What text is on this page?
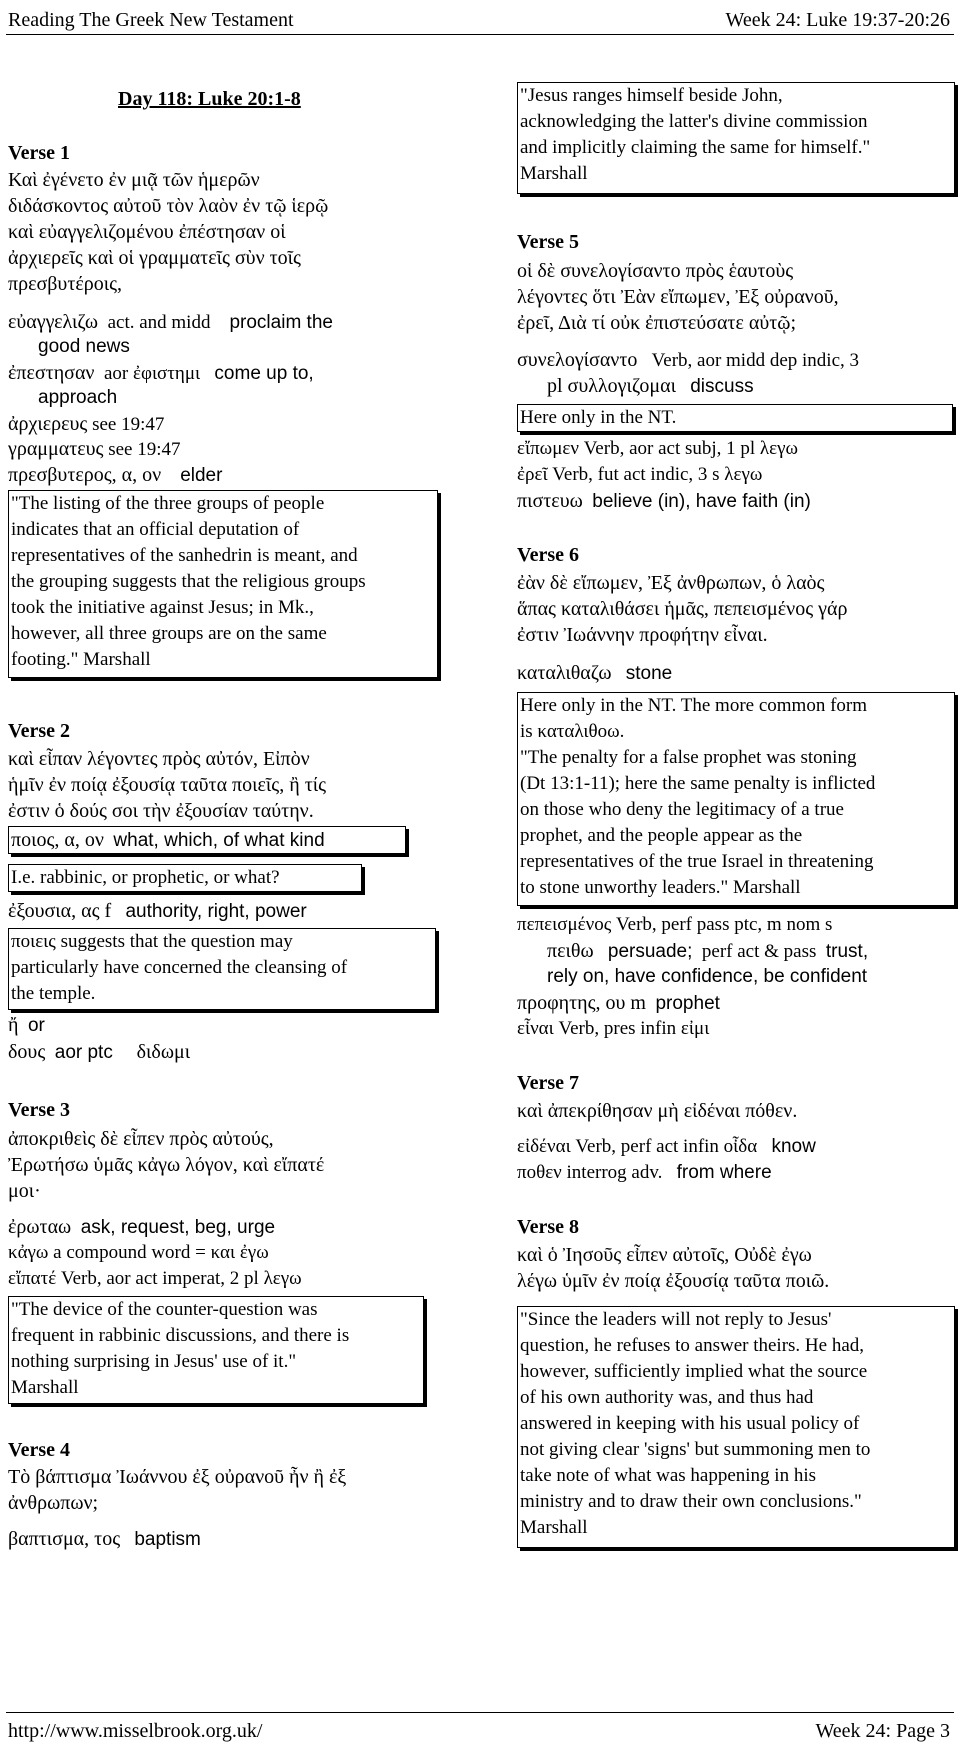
Reading The Greek New Testament	Week 24: Luke 19:37-20:26
Day 118: Luke 20:1-8
Verse 1
Καὶ ἐγένετο ἐν μιᾷ τῶν ἡμερῶν
διδάσκοντος αὐτοῦ τὸν λαὸν ἐν τῷ ἱερῷ
καὶ εὐαγγελιζομένου ἐπέστησαν οἱ
ἀρχιερεῖς καὶ οἱ γραμματεῖς σὺν τοῖς
πρεσβυτέροις,
εὐαγγελιζω act. and midd proclaim the
good news
ἐπεστησαν aor ἐφιστημι come up to,
approach
ἀρχιερευς see 19:47
γραμματευς see 19:47
πρεσβυτερος, α, ον elder
"The listing of the three groups of people
indicates that an official deputation of
representatives of the sanhedrin is meant, and
the grouping suggests that the religious groups
took the initiative against Jesus; in Mk.,
however, all three groups are on the same
footing." Marshall
Verse 2
καὶ εἶπαν λέγοντες πρὸς αὐτόν, Εἰπὸν
ἡμῖν ἐν ποίᾳ ἐξουσίᾳ ταῦτα ποιεῖς, ἢ τίς
ἐστιν ὁ δούς σοι τὴν ἐξουσίαν ταύτην.
ποιος, α, ον what, which, of what kind
I.e. rabbinic, or prophetic, or what?
ἐξουσια, ας f authority, right, power
ποιεις suggests that the question may
particularly have concerned the cleansing of
the temple.
ἤ or
δους aor ptc διδωμι
Verse 3
ἀποκριθεὶς δὲ εἶπεν πρὸς αὐτούς,
Ἐρωτήσω ὑμᾶς κἀγω λόγον, καὶ εἴπατέ
μοι·
ἐρωταω ask, request, beg, urge
κἀγω a compound word = και ἐγω
εἴπατέ Verb, aor act imperat, 2 pl λεγω
"The device of the counter-question was
frequent in rabbinic discussions, and there is
nothing surprising in Jesus' use of it."
Marshall
Verse 4
Τὸ βάπτισμα Ἰωάννου ἐξ οὐρανοῦ ἦν ἢ ἐξ
ἀνθρωπων;
βαπτισμα, τος baptism
"Jesus ranges himself beside John,
acknowledging the latter's divine commission
and implicitly claiming the same for himself."
Marshall
Verse 5
οἱ δὲ συνελογίσαντο πρὸς ἑαυτοὺς
λέγοντες ὅτι Ἐὰν εἴπωμεν, Ἐξ οὐρανοῦ,
ἐρεῖ, Διὰ τί οὐκ ἐπιστεύσατε αὐτῷ;
συνελογίσαντο Verb, aor midd dep indic, 3
pl συλλογιζομαι discuss
Here only in the NT.
εἴπωμεν Verb, aor act subj, 1 pl λεγω
ἐρεῖ Verb, fut act indic, 3 s λεγω
πιστευω believe (in), have faith (in)
Verse 6
ἐὰν δὲ εἴπωμεν, Ἐξ ἀνθρωπων, ὁ λαὸς
ἅπας καταλιθάσει ἡμᾶς, πεπεισμένος γάρ
ἐστιν Ἰωάννην προφήτην εἶναι.
καταλιθαζω stone
Here only in the NT. The more common form
is καταλιθοω.
"The penalty for a false prophet was stoning
(Dt 13:1-11); here the same penalty is inflicted
on those who deny the legitimacy of a true
prophet, and the people appear as the
representatives of the true Israel in threatening
to stone unworthy leaders." Marshall
πεπεισμένος Verb, perf pass ptc, m nom s
πειθω persuade; perf act & pass trust,
rely on, have confidence, be confident
προφητης, ου m prophet
εἶναι Verb, pres infin εἰμι
Verse 7
καὶ ἀπεκρίθησαν μὴ εἰδέναι πόθεν.
εἰδέναι Verb, perf act infin οἶδα know
ποθεν interrog adv. from where
Verse 8
καὶ ὁ Ἰησοῦς εἶπεν αὐτοῖς, Οὐδὲ ἐγω
λέγω ὑμῖν ἐν ποίᾳ ἐξουσίᾳ ταῦτα ποιῶ.
"Since the leaders will not reply to Jesus'
question, he refuses to answer theirs. He had,
however, sufficiently implied what the source
of his own authority was, and thus had
answered in keeping with his usual policy of
not giving clear 'signs' but summoning men to
take note of what was happening in his
ministry and to draw their own conclusions."
Marshall
http://www.misselbrook.org.uk/	Week 24: Page 3
